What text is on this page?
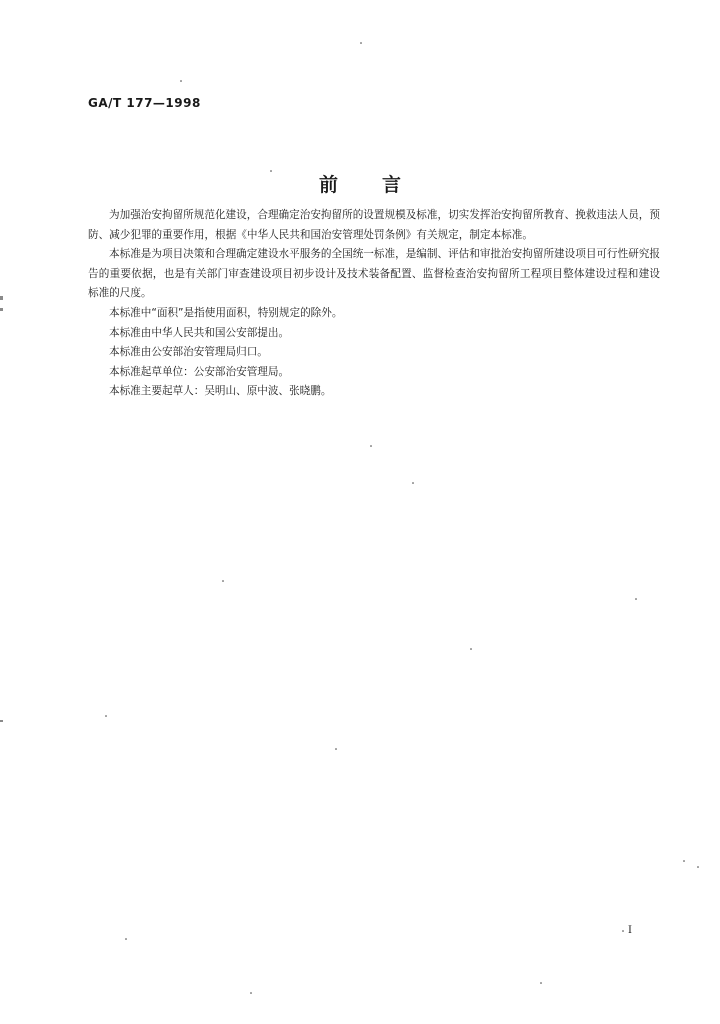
GA/T 177—1998
前 言

为加强治安拘留所规范化建设，合理确定治安拘留所的设置规模及标准，切实发挥治安拘留所教育、挽救违法人员，预防、减少犯罪的重要作用，根据《中华人民共和国治安管理处罚条例》有关规定，制定本标准。

本标准是为项目决策和合理确定建设水平服务的全国统一标准，是编制、评估和审批治安拘留所建设项目可行性研究报告的重要依据，也是有关部门审查建设项目初步设计及技术装备配置、监督检查治安拘留所工程项目整体建设过程和建设标准的尺度。

本标准中“面积”是指使用面积，特别规定的除外。

本标准由中华人民共和国公安部提出。

本标准由公安部治安管理局归口。

本标准起草单位：公安部治安管理局。

本标准主要起草人：吴明山、原中波、张晓鹏。

I
